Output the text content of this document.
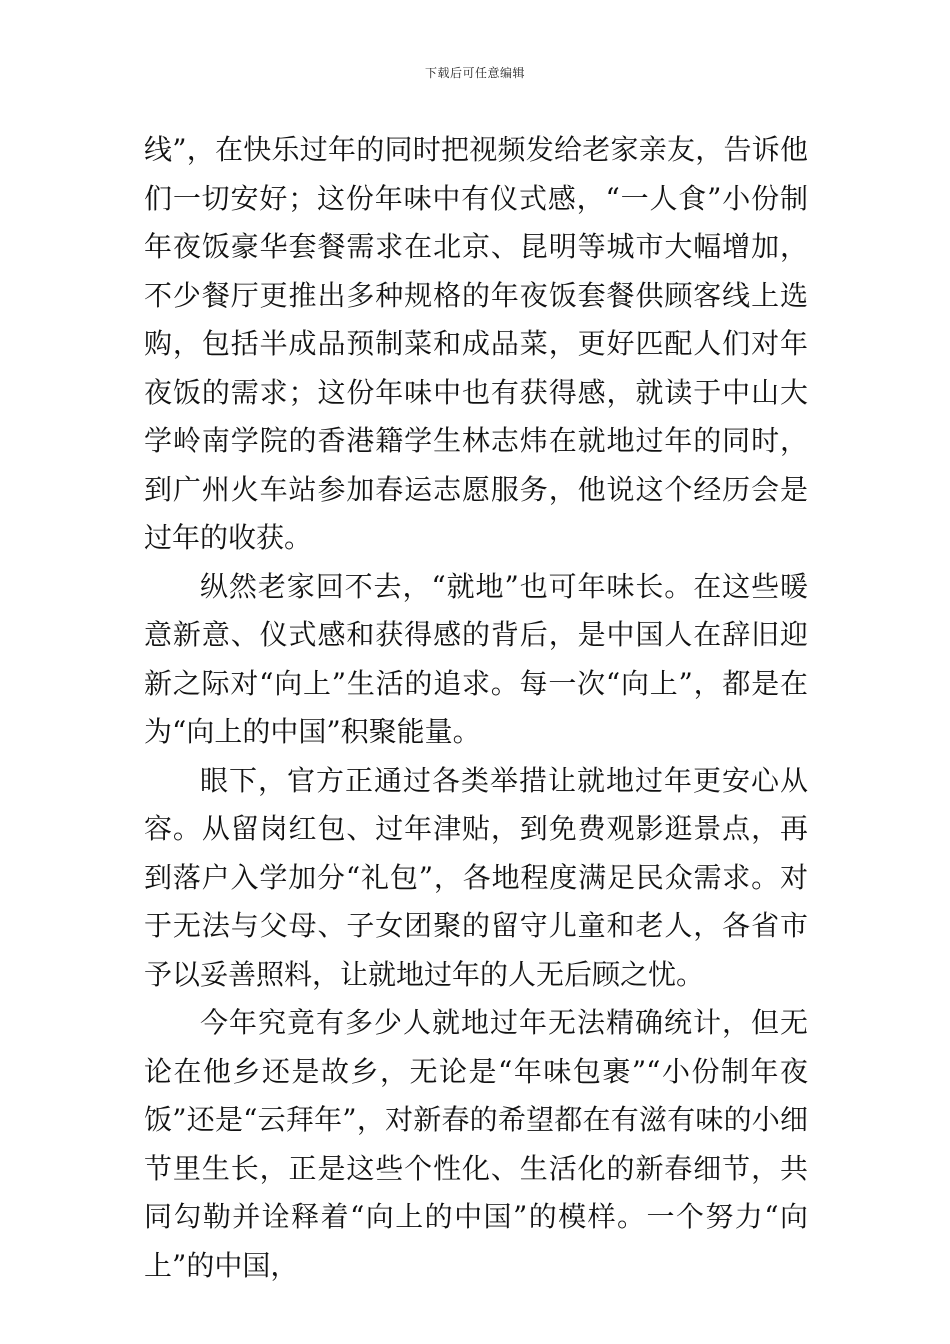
下载后可任意编辑

线”，在快乐过年的同时把视频发给老家亲友，告诉他们一切安好；这份年味中有仪式感，“一人食”小份制年夜饭豪华套餐需求在北京、昆明等城市大幅增加，不少餐厅更推出多种规格的年夜饭套餐供顾客线上选购，包括半成品预制菜和成品菜，更好匹配人们对年夜饭的需求；这份年味中也有获得感，就读于中山大学岭南学院的香港籍学生林志炜在就地过年的同时，到广州火车站参加春运志愿服务，他说这个经历会是过年的收获。

纵然老家回不去，“就地”也可年味长。在这些暖意新意、仪式感和获得感的背后，是中国人在辞旧迎新之际对“向上”生活的追求。每一次“向上”，都是在为“向上的中国”积聚能量。

眼下，官方正通过各类举措让就地过年更安心从容。从留岗红包、过年津贴，到免费观影逛景点，再到落户入学加分“礼包”，各地程度满足民众需求。对于无法与父母、子女团聚的留守儿童和老人，各省市予以妥善照料，让就地过年的人无后顾之忧。

今年究竟有多少人就地过年无法精确统计，但无论在他乡还是故乡，无论是“年味包裹”“小份制年夜饭”还是“云拜年”，对新春的希望都在有滋有味的小细节里生长，正是这些个性化、生活化的新春细节，共同勾勒并诠释着“向上的中国”的模样。一个努力“向上”的中国，
